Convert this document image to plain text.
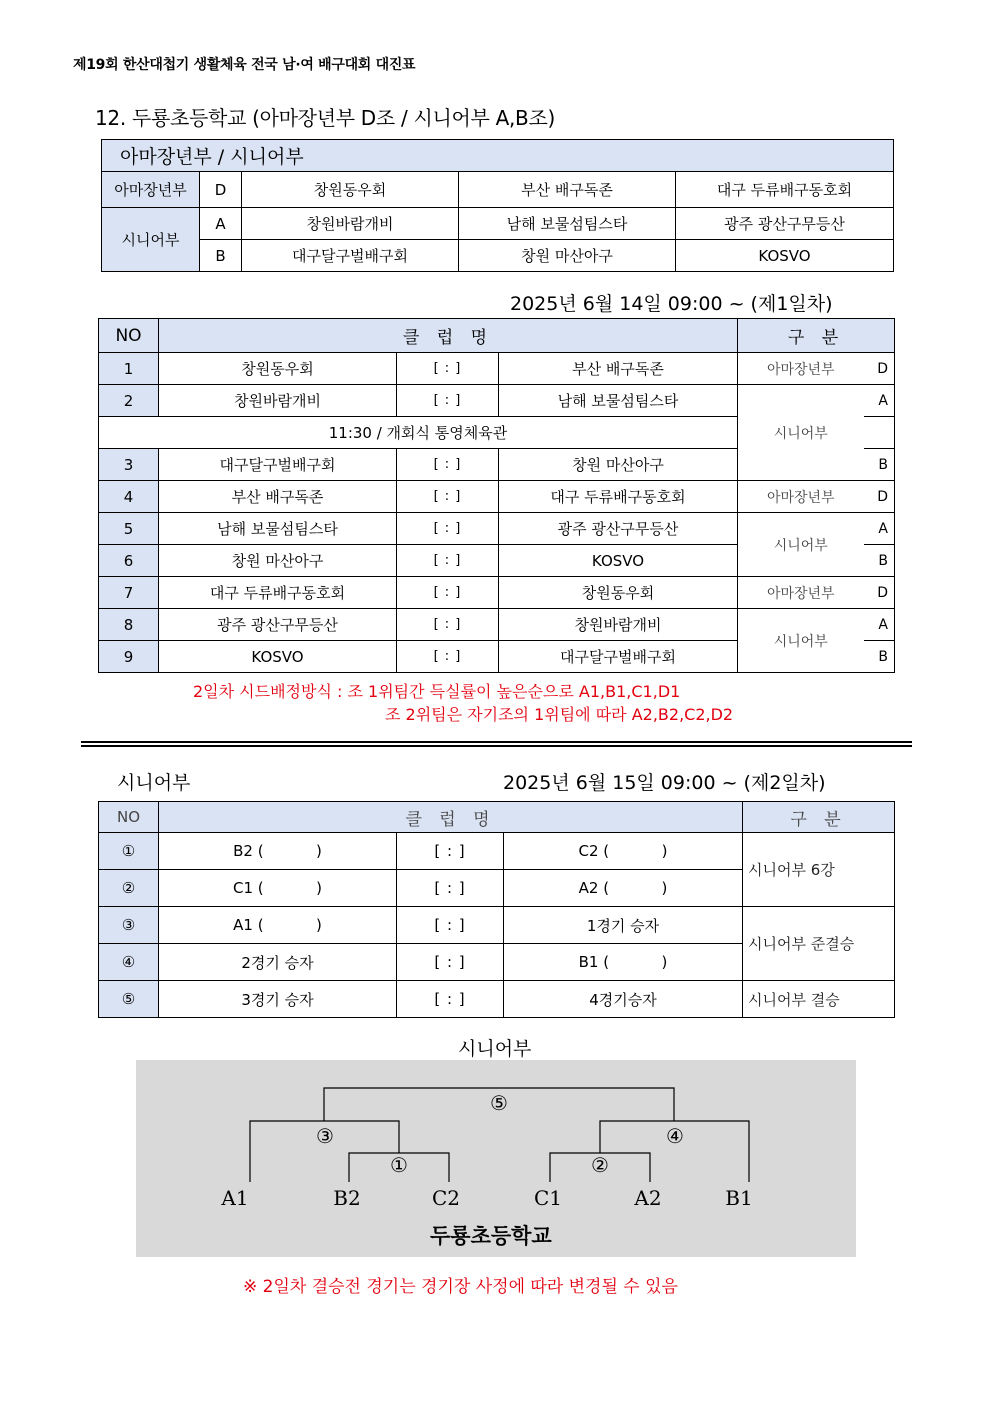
제19회 한산대첩기 생활체육 전국 남·여 배구대회 대진표
12. 두룡초등학교 (아마장년부 D조 / 시니어부 A,B조)
아마장년부 / 시니어부				
아마장년부	D	창원동우회	부산 배구독존	대구 두류배구동호회
시니어부	A	창원바람개비	남해 보물섬팀스타	광주 광산구무등산
	B	대구달구벌배구회	창원 마산아구	KOSVO
2025년 6월 14일 09:00 ~ (제1일차)
NO	클 럽 명			구 분	
1	창원동우회	[ : ]	부산 배구독존	아마장년부	D
2	창원바람개비	[ : ]	남해 보물섬팀스타	시니어부	A
11:30 / 개회식 통영체육관					
3	대구달구벌배구회	[ : ]	창원 마산아구		B
4	부산 배구독존	[ : ]	대구 두류배구동호회	아마장년부	D
5	남해 보물섬팀스타	[ : ]	광주 광산구무등산	시니어부	A
6	창원 마산아구	[ : ]	KOSVO		B
7	대구 두류배구동호회	[ : ]	창원동우회	아마장년부	D
8	광주 광산구무등산	[ : ]	창원바람개비	시니어부	A
9	KOSVO	[ : ]	대구달구벌배구회		B
2일차 시드배정방식 : 조 1위팀간 득실률이 높은순으로 A1,B1,C1,D1
조 2위팀은 자기조의 1위팀에 따라 A2,B2,C2,D2
시니어부	2025년 6월 15일 09:00 ~ (제2일차)
NO	클 럽 명			구 분
①	B2 (           )	[ : ]	C2 (           )	시니어부 6강
②	C1 (           )	[ : ]	A2 (           )	
③	A1 (           )	[ : ]	1경기 승자	시니어부 준결승
④	2경기 승자	[ : ]	B1 (           )	
⑤	3경기 승자	[ : ]	4경기승자	시니어부 결승
시니어부
⑤
③	④
①	②
A1	B2	C2	C1	A2	B1
두룡초등학교
※ 2일차 결승전 경기는 경기장 사정에 따라 변경될 수 있음
